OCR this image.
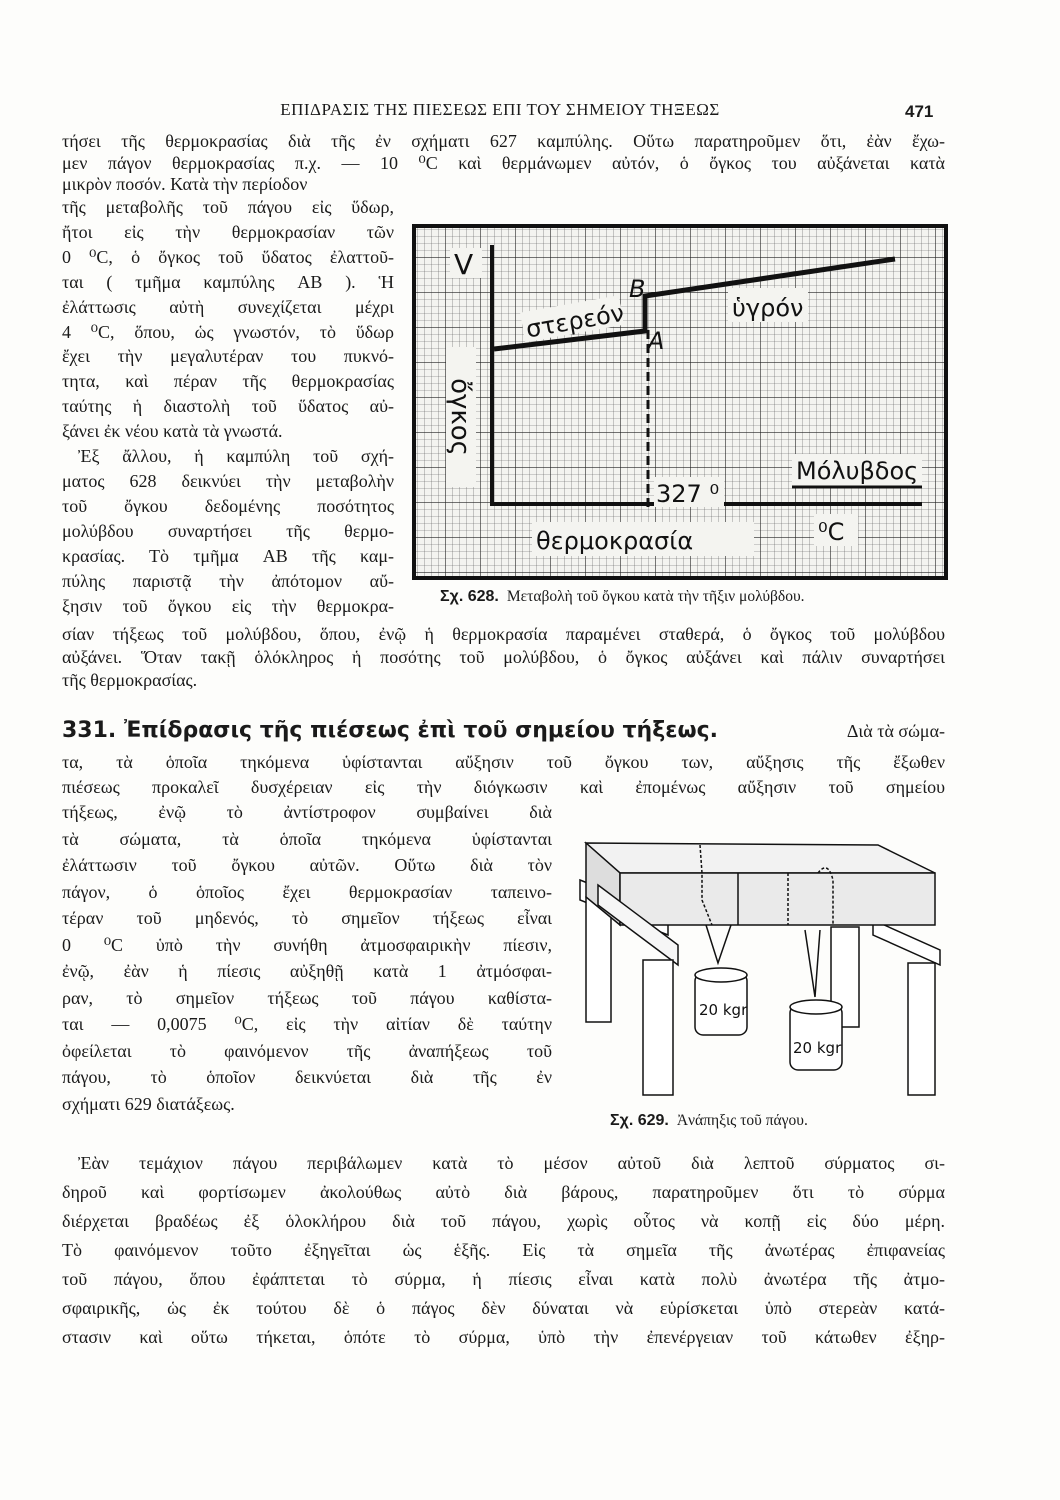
ΕΠΙΔΡΑΣΙΣ ΤΗΣ ΠΙΕΣΕΩΣ ΕΠΙ ΤΟΥ ΣΗΜΕΙΟΥ ΤΗΞΕΩΣ	471
τήσει τῆς θερμοκρασίας διὰ τῆς ἐν σχήματι 627 καμπύλης. Οὕτω παρατηροῦμεν ὅτι, ἐὰν ἔχω-
μεν πάγον θερμοκρασίας π.χ. — 10 ⁰C καὶ θερμάνωμεν αὐτόν, ὁ ὄγκος του αὐξάνεται κατὰ
μικρὸν ποσόν. Κατὰ τὴν περίοδον
τῆς μεταβολῆς τοῦ πάγου εἰς ὕδωρ,
ἤτοι εἰς τὴν θερμοκρασίαν τῶν
0 ⁰C, ὁ ὄγκος τοῦ ὕδατος ἐλαττοῦ-
ται ( τμῆμα καμπύλης AB ). Ἡ
ἐλάττωσις αὐτὴ συνεχίζεται μέχρι
4 ⁰C, ὅπου, ὡς γνωστόν, τὸ ὕδωρ
ἔχει τὴν μεγαλυτέραν του πυκνό-
τητα, καὶ πέραν τῆς θερμοκρασίας
ταύτης ἡ διαστολὴ τοῦ ὕδατος αὐ-
ξάνει ἐκ νέου κατὰ τὰ γνωστά.
Ἐξ ἄλλου, ἡ καμπύλη τοῦ σχή-
ματος 628 δεικνύει τὴν μεταβολὴν
τοῦ ὄγκου δεδομένης ποσότητος
μολύβδου συναρτήσει τῆς θερμο-
κρασίας. Τὸ τμῆμα AB τῆς καμ-
πύλης παριστᾷ τὴν ἀπότομον αὔ-
ξησιν τοῦ ὄγκου εἰς τὴν θερμοκρα-
σίαν τήξεως τοῦ μολύβδου, ὅπου, ἐνῷ ἡ θερμοκρασία παραμένει σταθερά, ὁ ὄγκος τοῦ μολύβδου
αὐξάνει. Ὅταν τακῇ ὁλόκληρος ἡ ποσότης τοῦ μολύβδου, ὁ ὄγκος αὐξάνει καὶ πάλιν συναρτήσει
τῆς θερμοκρασίας.
331. Ἐπίδρασις τῆς πιέσεως ἐπὶ τοῦ σημείου τήξεως.	Διὰ τὰ σώμα-
τα, τὰ ὁποῖα τηκόμενα ὑφίστανται αὔξησιν τοῦ ὄγκου των, αὔξησις τῆς ἔξωθεν
πιέσεως προκαλεῖ δυσχέρειαν εἰς τὴν διόγκωσιν καὶ ἐπομένως αὔξησιν τοῦ σημείου
τήξεως, ἐνῷ τὸ ἀντίστροφον συμβαίνει διὰ
τὰ σώματα, τὰ ὁποῖα τηκόμενα ὑφίστανται
ἐλάττωσιν τοῦ ὄγκου αὐτῶν. Οὕτω διὰ τὸν
πάγον, ὁ ὁποῖος ἔχει θερμοκρασίαν ταπεινο-
τέραν τοῦ μηδενός, τὸ σημεῖον τήξεως εἶναι
0 ⁰C ὑπὸ τὴν συνήθη ἀτμοσφαιρικὴν πίεσιν,
ἐνῷ, ἐὰν ἡ πίεσις αὐξηθῇ κατὰ 1 ἀτμόσφαι-
ραν, τὸ σημεῖον τήξεως τοῦ πάγου καθίστα-
ται — 0,0075 ⁰C, εἰς τὴν αἰτίαν δὲ ταύτην
ὀφείλεται τὸ φαινόμενον τῆς ἀναπήξεως τοῦ
πάγου, τὸ ὁποῖον δεικνύεται διὰ τῆς ἐν
σχήματι 629 διατάξεως.
Ἐὰν τεμάχιον πάγου περιβάλωμεν κατὰ τὸ μέσον αὐτοῦ διὰ λεπτοῦ σύρματος σι-
δηροῦ καὶ φορτίσωμεν ἀκολούθως αὐτὸ διὰ βάρους, παρατηροῦμεν ὅτι τὸ σύρμα
διέρχεται βραδέως ἐξ ὁλοκλήρου διὰ τοῦ πάγου, χωρὶς οὗτος νὰ κοπῇ εἰς δύο μέρη.
Τὸ φαινόμενον τοῦτο ἐξηγεῖται ὡς ἑξῆς. Εἰς τὰ σημεῖα τῆς ἀνωτέρας ἐπιφανείας
τοῦ πάγου, ὅπου ἐφάπτεται τὸ σύρμα, ἡ πίεσις εἶναι κατὰ πολὺ ἀνωτέρα τῆς ἀτμο-
σφαιρικῆς, ὡς ἐκ τούτου δὲ ὁ πάγος δὲν δύναται νὰ εὑρίσκεται ὑπὸ στερεὰν κατά-
στασιν καὶ οὕτω τήκεται, ὁπότε τὸ σύρμα, ὑπὸ τὴν ἐπενέργειαν τοῦ κάτωθεν ἐξηρ-
V
ὄγκος
στερεόν
B
A
ὑγρόν
327 ⁰
Μόλυβδος
θερμοκρασία	⁰C
Σχ. 628. Μεταβολὴ τοῦ ὄγκου κατὰ τὴν τῆξιν μολύβδου.
20 kgr
20 kgr
Σχ. 629. Ἀνάπηξις τοῦ πάγου.
